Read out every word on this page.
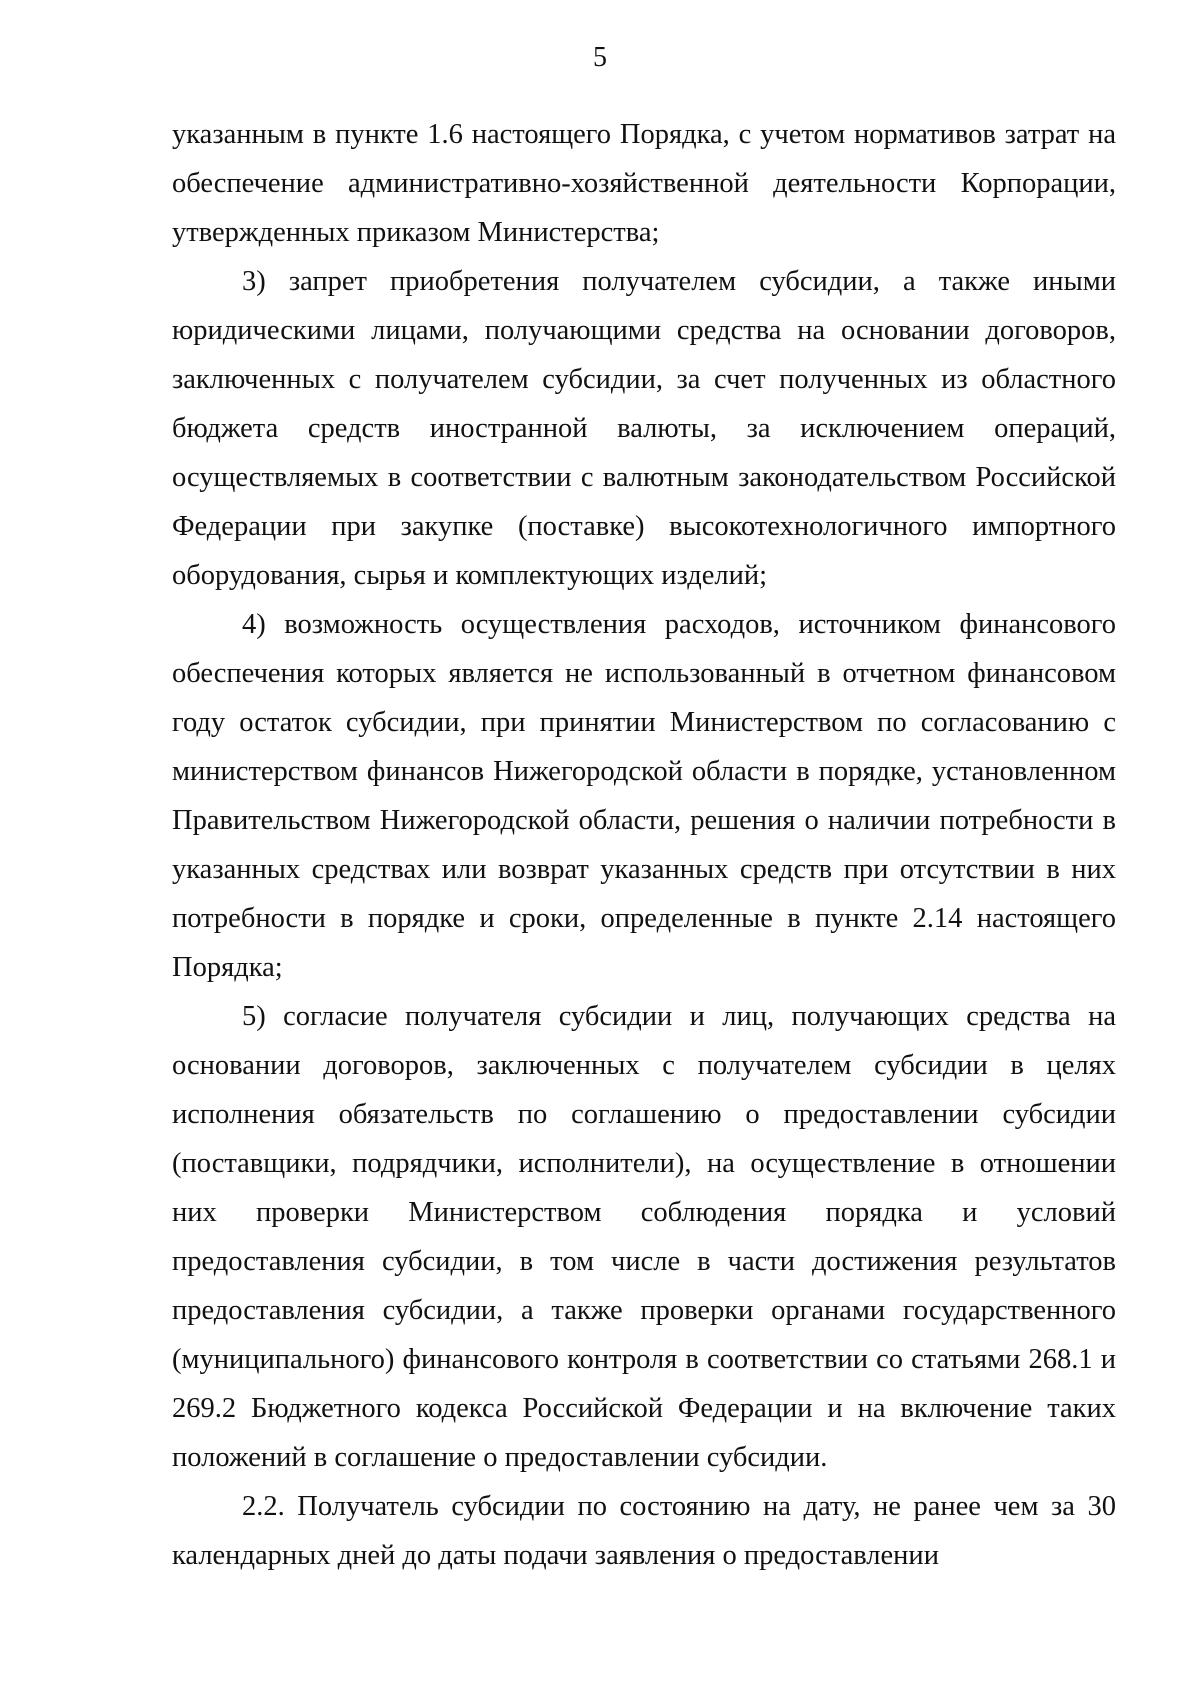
5

указанным в пункте 1.6 настоящего Порядка, с учетом нормативов затрат на обеспечение административно-хозяйственной деятельности Корпорации, утвержденных приказом Министерства;

3) запрет приобретения получателем субсидии, а также иными юридическими лицами, получающими средства на основании договоров, заключенных с получателем субсидии, за счет полученных из областного бюджета средств иностранной валюты, за исключением операций, осуществляемых в соответствии с валютным законодательством Российской Федерации при закупке (поставке) высокотехнологичного импортного оборудования, сырья и комплектующих изделий;

4) возможность осуществления расходов, источником финансового обеспечения которых является не использованный в отчетном финансовом году остаток субсидии, при принятии Министерством по согласованию с министерством финансов Нижегородской области в порядке, установленном Правительством Нижегородской области, решения о наличии потребности в указанных средствах или возврат указанных средств при отсутствии в них потребности в порядке и сроки, определенные в пункте 2.14 настоящего Порядка;

5) согласие получателя субсидии и лиц, получающих средства на основании договоров, заключенных с получателем субсидии в целях исполнения обязательств по соглашению о предоставлении субсидии (поставщики, подрядчики, исполнители), на осуществление в отношении них проверки Министерством соблюдения порядка и условий предоставления субсидии, в том числе в части достижения результатов предоставления субсидии, а также проверки органами государственного (муниципального) финансового контроля в соответствии со статьями 268.1 и 269.2 Бюджетного кодекса Российской Федерации и на включение таких положений в соглашение о предоставлении субсидии.

2.2. Получатель субсидии по состоянию на дату, не ранее чем за 30 календарных дней до даты подачи заявления о предоставлении
